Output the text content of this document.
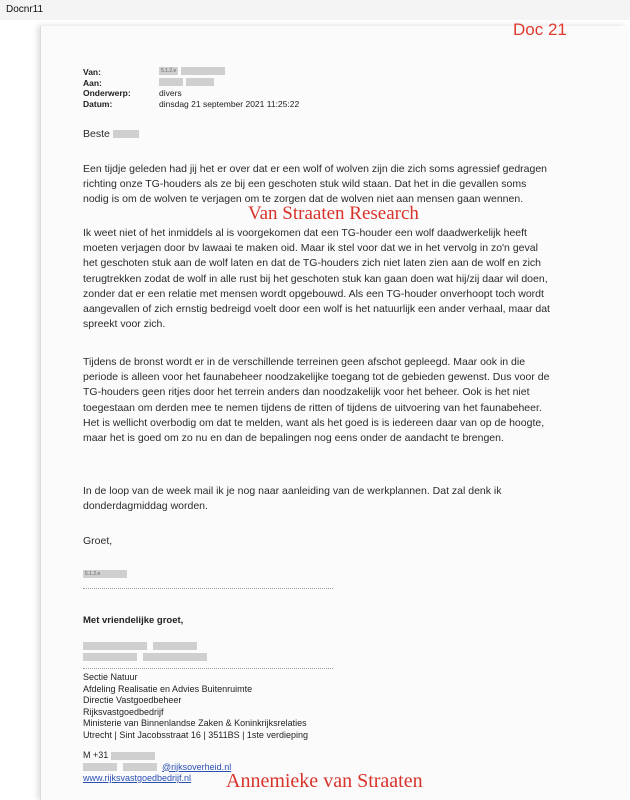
Docnr11
Doc 21
Van:	5.1.2.e
Aan:
Onderwerp:	divers
Datum:	dinsdag 21 september 2021 11:25:22
Beste

Een tijdje geleden had jij het er over dat er een wolf of wolven zijn die zich soms agressief gedragen richting onze TG-houders als ze bij een geschoten stuk wild staan. Dat het in die gevallen soms nodig is om de wolven te verjagen om te zorgen dat de wolven niet aan mensen gaan wennen.

Ik weet niet of het inmiddels al is voorgekomen dat een TG-houder een wolf daadwerkelijk heeft moeten verjagen door bv lawaai te maken oid. Maar ik stel voor dat we in het vervolg in zo'n geval het geschoten stuk aan de wolf laten en dat de TG-houders zich niet laten zien aan de wolf en zich terugtrekken zodat de wolf in alle rust bij het geschoten stuk kan gaan doen wat hij/zij daar wil doen, zonder dat er een relatie met mensen wordt opgebouwd. Als een TG-houder onverhoopt toch wordt aangevallen of zich ernstig bedreigd voelt door een wolf is het natuurlijk een ander verhaal, maar dat spreekt voor zich.

Tijdens de bronst wordt er in de verschillende terreinen geen afschot gepleegd. Maar ook in die periode is alleen voor het faunabeheer noodzakelijke toegang tot de gebieden gewenst. Dus voor de TG-houders geen ritjes door het terrein anders dan noodzakelijk voor het beheer. Ook is het niet toegestaan om derden mee te nemen tijdens de ritten of tijdens de uitvoering van het faunabeheer. Het is wellicht overbodig om dat te melden, want als het goed is is iedereen daar van op de hoogte, maar het is goed om zo nu en dan de bepalingen nog eens onder de aandacht te brengen.

In de loop van de week mail ik je nog naar aanleiding van de werkplannen. Dat zal denk ik donderdagmiddag worden.

Van Straaten Research
Groet,
5.1.2.e
Met vriendelijke groet,

Sectie Natuur
Afdeling Realisatie en Advies Buitenruimte
Directie Vastgoedbeheer
Rijksvastgoedbedrijf
Ministerie van Binnenlandse Zaken & Koninkrijksrelaties
Utrecht | Sint Jacobsstraat 16 | 3511BS | 1ste verdieping
M +31
@rijksoverheid.nl
www.rijksvastgoedbedrijf.nl	Annemieke van Straaten
